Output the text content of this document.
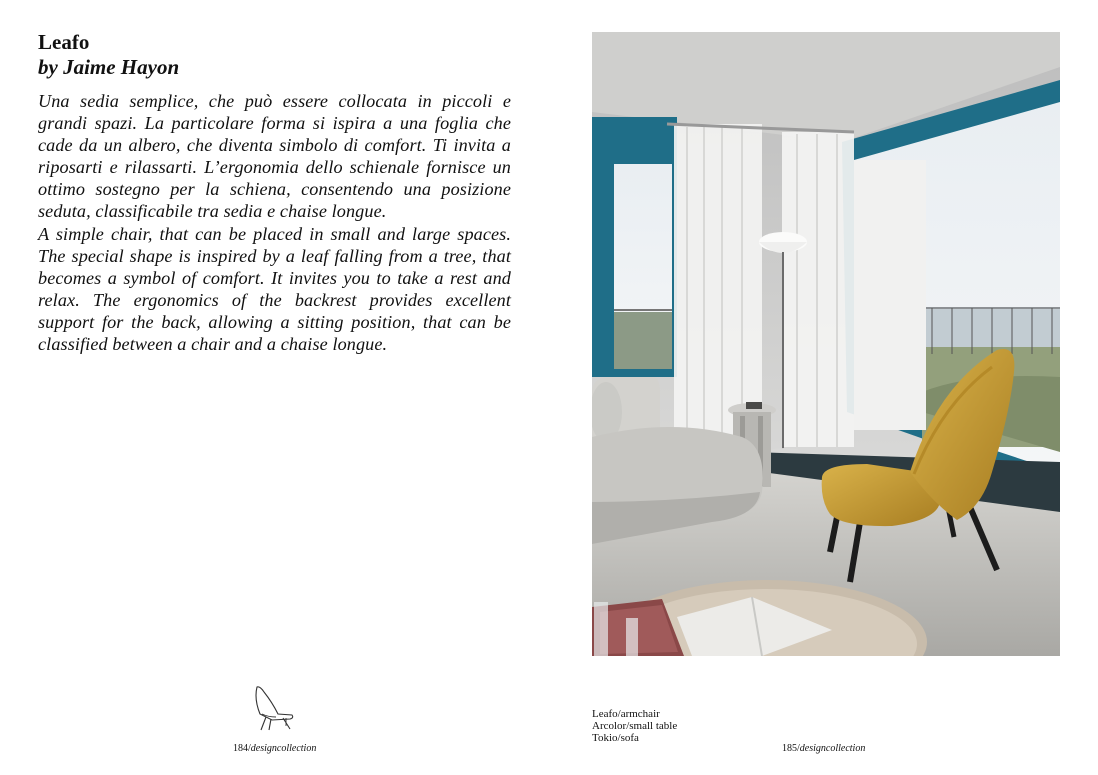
Leafo
by Jaime Hayon

Una sedia semplice, che può essere collocata in piccoli e grandi spazi. La particolare forma si ispira a una foglia che cade da un albero, che diventa simbolo di comfort. Ti invita a riposarti e rilassarti. L’ergonomia dello schienale fornisce un ottimo sostegno per la schiena, consentendo una posizione seduta, classificabile tra sedia e chaise longue.

A simple chair, that can be placed in small and large spaces. The special shape is inspired by a leaf falling from a tree, that becomes a symbol of comfort. It invites you to take a rest and relax. The ergonomics of the backrest provides excellent support for the back, allowing a sitting position, that can be classified between a chair and a chaise longue.

184/designcollection
Leafo/armchair
Arcolor/small table
Tokio/sofa
185/designcollection
